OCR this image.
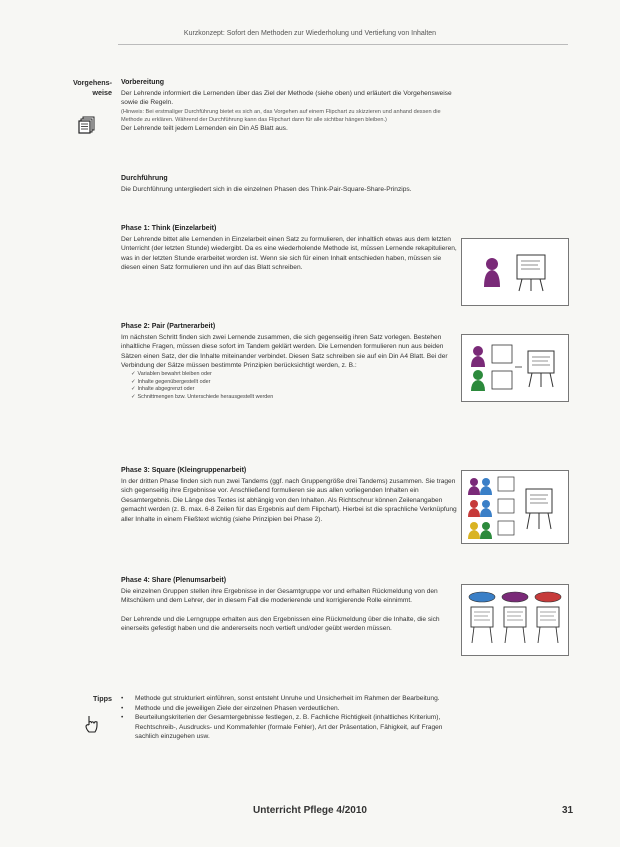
Kurzkonzept: Sofort den Methoden zur Wiederholung und Vertiefung von Inhalten
Vorgehens-
weise
Vorbereitung
Der Lehrende informiert die Lernenden über das Ziel der Methode (siehe oben) und erläutert die Vorgehensweise sowie die Regeln.
(Hinweis: Bei erstmaliger Durchführung bietet es sich an, das Vorgehen auf einem Flipchart zu skizzieren und anhand dessen die Methode zu erklären. Während der Durchführung kann das Flipchart dann für alle sichtbar hängen bleiben.)
Der Lehrende teilt jedem Lernenden ein Din A5 Blatt aus.
Durchführung
Die Durchführung untergliedert sich in die einzelnen Phasen des Think-Pair-Square-Share-Prinzips.
Phase 1: Think (Einzelarbeit)
Der Lehrende bittet alle Lernenden in Einzelarbeit einen Satz zu formulieren, der inhaltlich etwas aus dem letzten Unterricht (der letzten Stunde) wiedergibt. Da es eine wiederholende Methode ist, müssen Lernende rekapitulieren, was in der letzten Stunde erarbeitet worden ist. Wenn sie sich für einen Inhalt entschieden haben, müssen sie diesen einen Satz formulieren und ihn auf das Blatt schreiben.
Phase 2: Pair (Partnerarbeit)
Im nächsten Schritt finden sich zwei Lernende zusammen, die sich gegenseitig ihren Satz vorlegen. Bestehen inhaltliche Fragen, müssen diese sofort im Tandem geklärt werden. Die Lernenden formulieren nun aus beiden Sätzen einen Satz, der die Inhalte miteinander verbindet. Diesen Satz schreiben sie auf ein Din A4 Blatt. Bei der Verbindung der Sätze müssen bestimmte Prinzipien berücksichtigt werden, z. B.:
✓ Variablen bewahrt bleiben oder
✓ Inhalte gegenübergestellt oder
✓ Inhalte abgegrenzt oder
✓ Schnittmengen bzw. Unterschiede herausgestellt werden
Phase 3: Square (Kleingruppenarbeit)
In der dritten Phase finden sich nun zwei Tandems (ggf. nach Gruppengröße drei Tandems) zusammen. Sie tragen sich gegenseitig ihre Ergebnisse vor. Anschließend formulieren sie aus allen vorliegenden Inhalten ein Gesamtergebnis. Die Länge des Textes ist abhängig von den Inhalten. Als Richtschnur können Zeilenangaben gemacht werden (z. B. max. 6-8 Zeilen für das Ergebnis auf dem Flipchart). Hierbei ist die sprachliche Verknüpfung aller Inhalte in einem Fließtext wichtig (siehe Prinzipien bei Phase 2).
Phase 4: Share (Plenumsarbeit)
Die einzelnen Gruppen stellen ihre Ergebnisse in der Gesamtgruppe vor und erhalten Rückmeldung von den Mitschülern und dem Lehrer, der in diesem Fall die moderierende und korrigierende Rolle einnimmt.
Der Lehrende und die Lerngruppe erhalten aus den Ergebnissen eine Rückmeldung über die Inhalte, die sich einerseits gefestigt haben und die andererseits noch vertieft und/oder geübt werden müssen.
Tipps •	Methode gut strukturiert einführen, sonst entsteht Unruhe und Unsicherheit im Rahmen der Bearbeitung.
•	Methode und die jeweiligen Ziele der einzelnen Phasen verdeutlichen.
•	Beurteilungskriterien der Gesamtergebnisse festlegen, z. B. Fachliche Richtigkeit (inhaltliches Kriterium), Rechtschreib-, Ausdrucks- und Kommafehler (formale Fehler), Art der Präsentation, Fähigkeit, auf Fragen sachlich einzugehen usw.
Unterricht Pflege 4/2010	31
